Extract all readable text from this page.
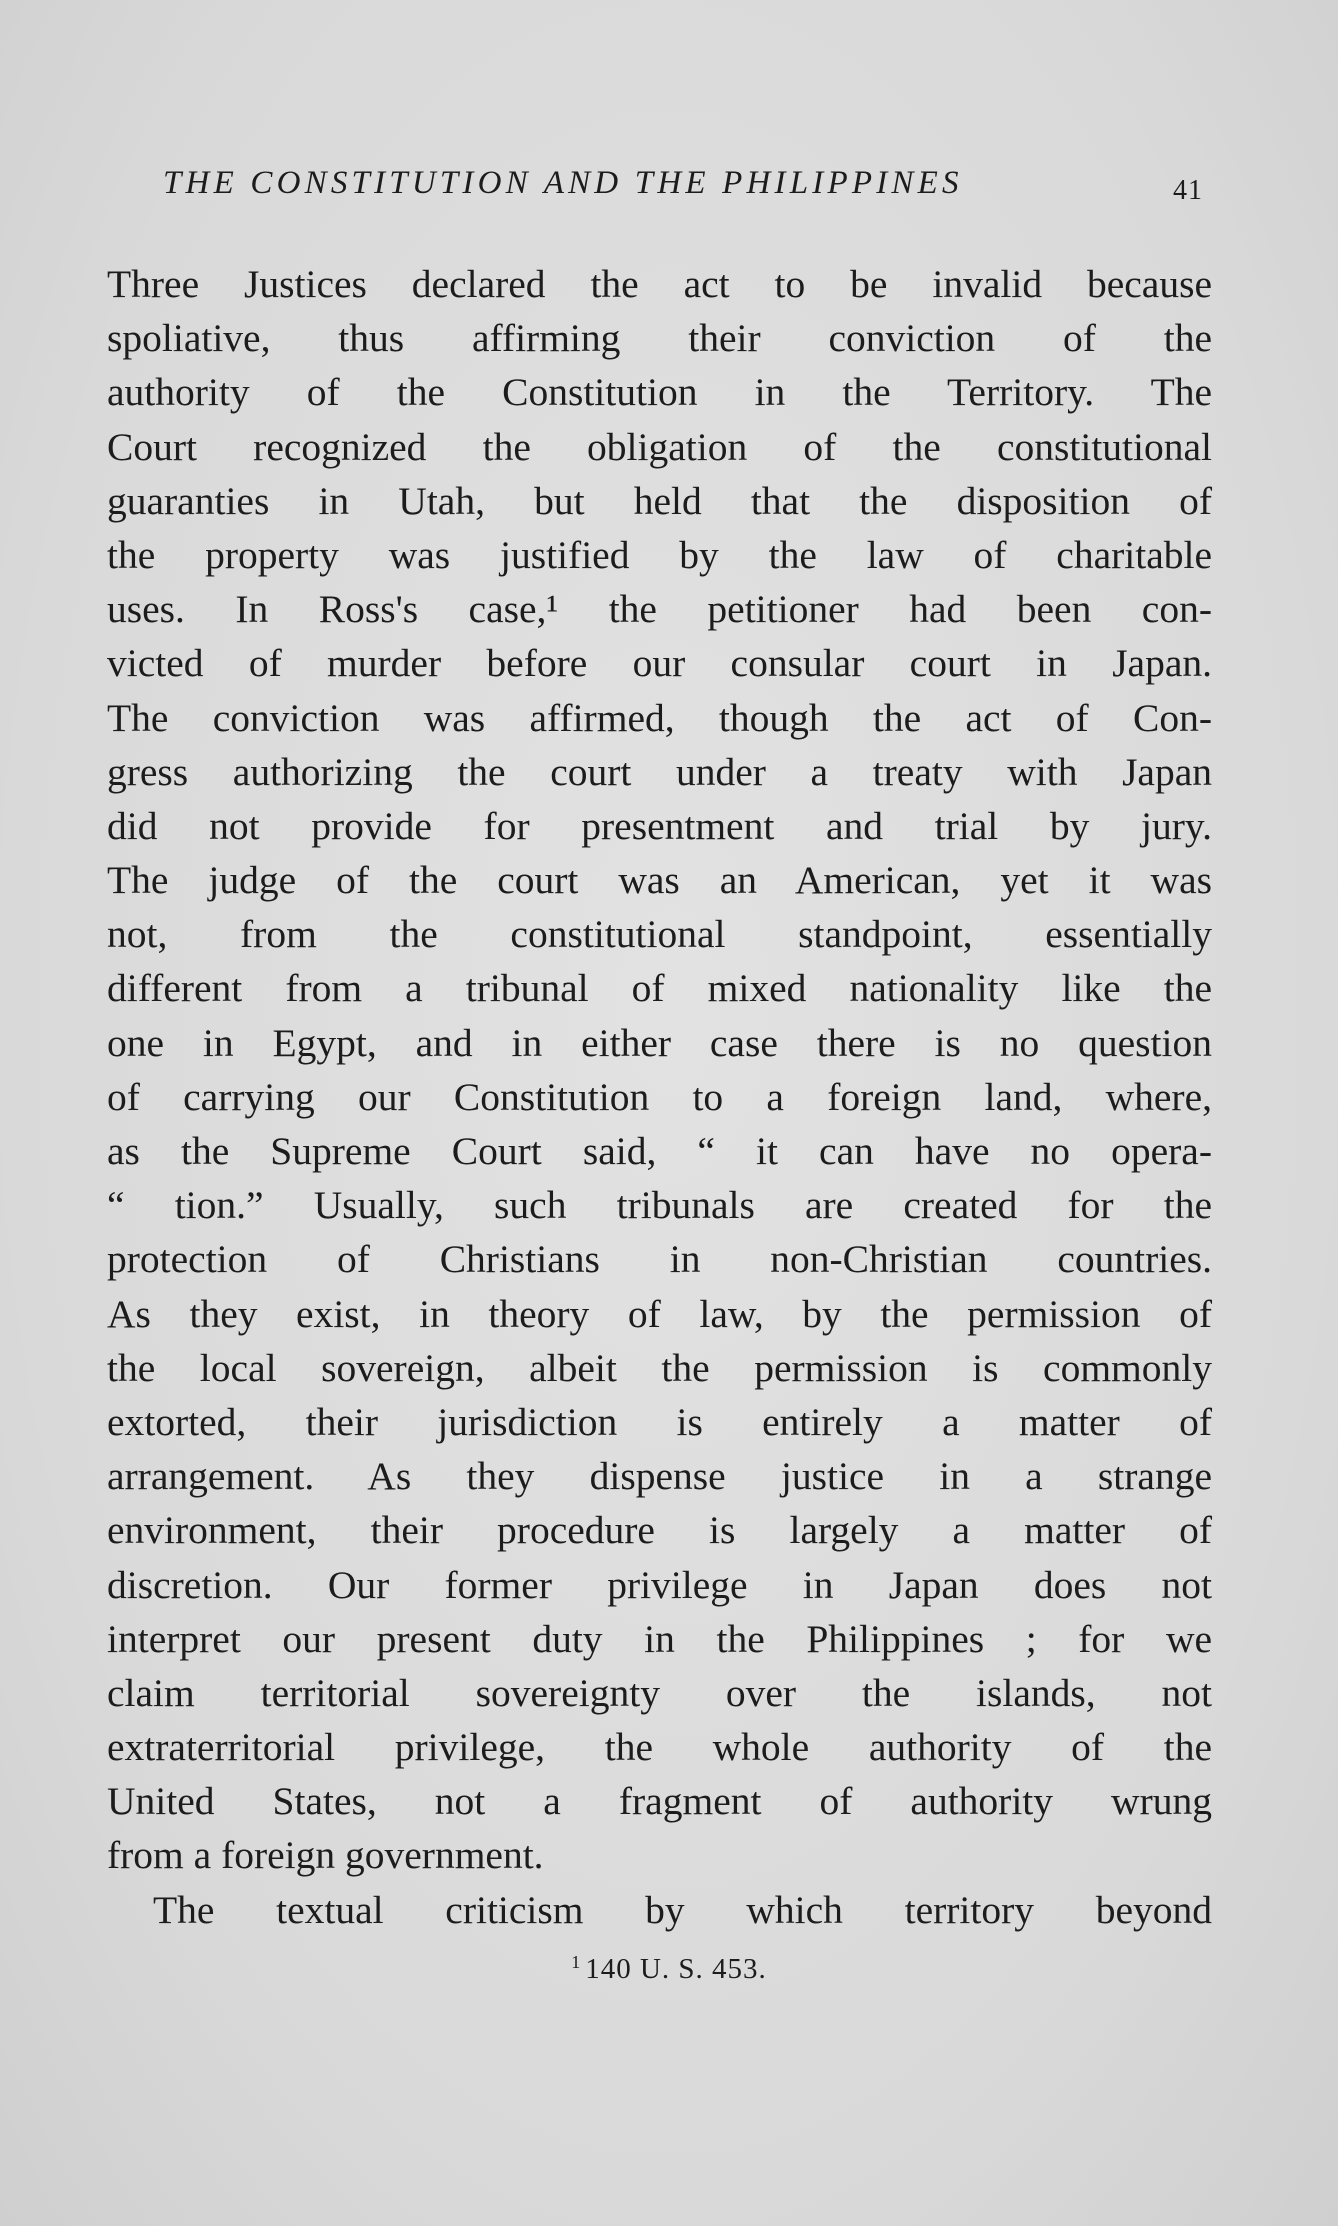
THE CONSTITUTION AND THE PHILIPPINES	41
Three Justices declared the act to be invalid because
spoliative, thus affirming their conviction of the
authority of the Constitution in the Territory. The
Court recognized the obligation of the constitutional
guaranties in Utah, but held that the disposition of
the property was justified by the law of charitable
uses. In Ross's case,¹ the petitioner had been con-
victed of murder before our consular court in Japan.
The conviction was affirmed, though the act of Con-
gress authorizing the court under a treaty with Japan
did not provide for presentment and trial by jury.
The judge of the court was an American, yet it was
not, from the constitutional standpoint, essentially
different from a tribunal of mixed nationality like the
one in Egypt, and in either case there is no question
of carrying our Constitution to a foreign land, where,
as the Supreme Court said, “ it can have no opera-
“ tion.” Usually, such tribunals are created for the
protection of Christians in non-Christian countries.
As they exist, in theory of law, by the permission of
the local sovereign, albeit the permission is commonly
extorted, their jurisdiction is entirely a matter of
arrangement. As they dispense justice in a strange
environment, their procedure is largely a matter of
discretion. Our former privilege in Japan does not
interpret our present duty in the Philippines ; for we
claim territorial sovereignty over the islands, not
extraterritorial privilege, the whole authority of the
United States, not a fragment of authority wrung
from a foreign government.
The textual criticism by which territory beyond
$^1$ 140 U. S. 453.
